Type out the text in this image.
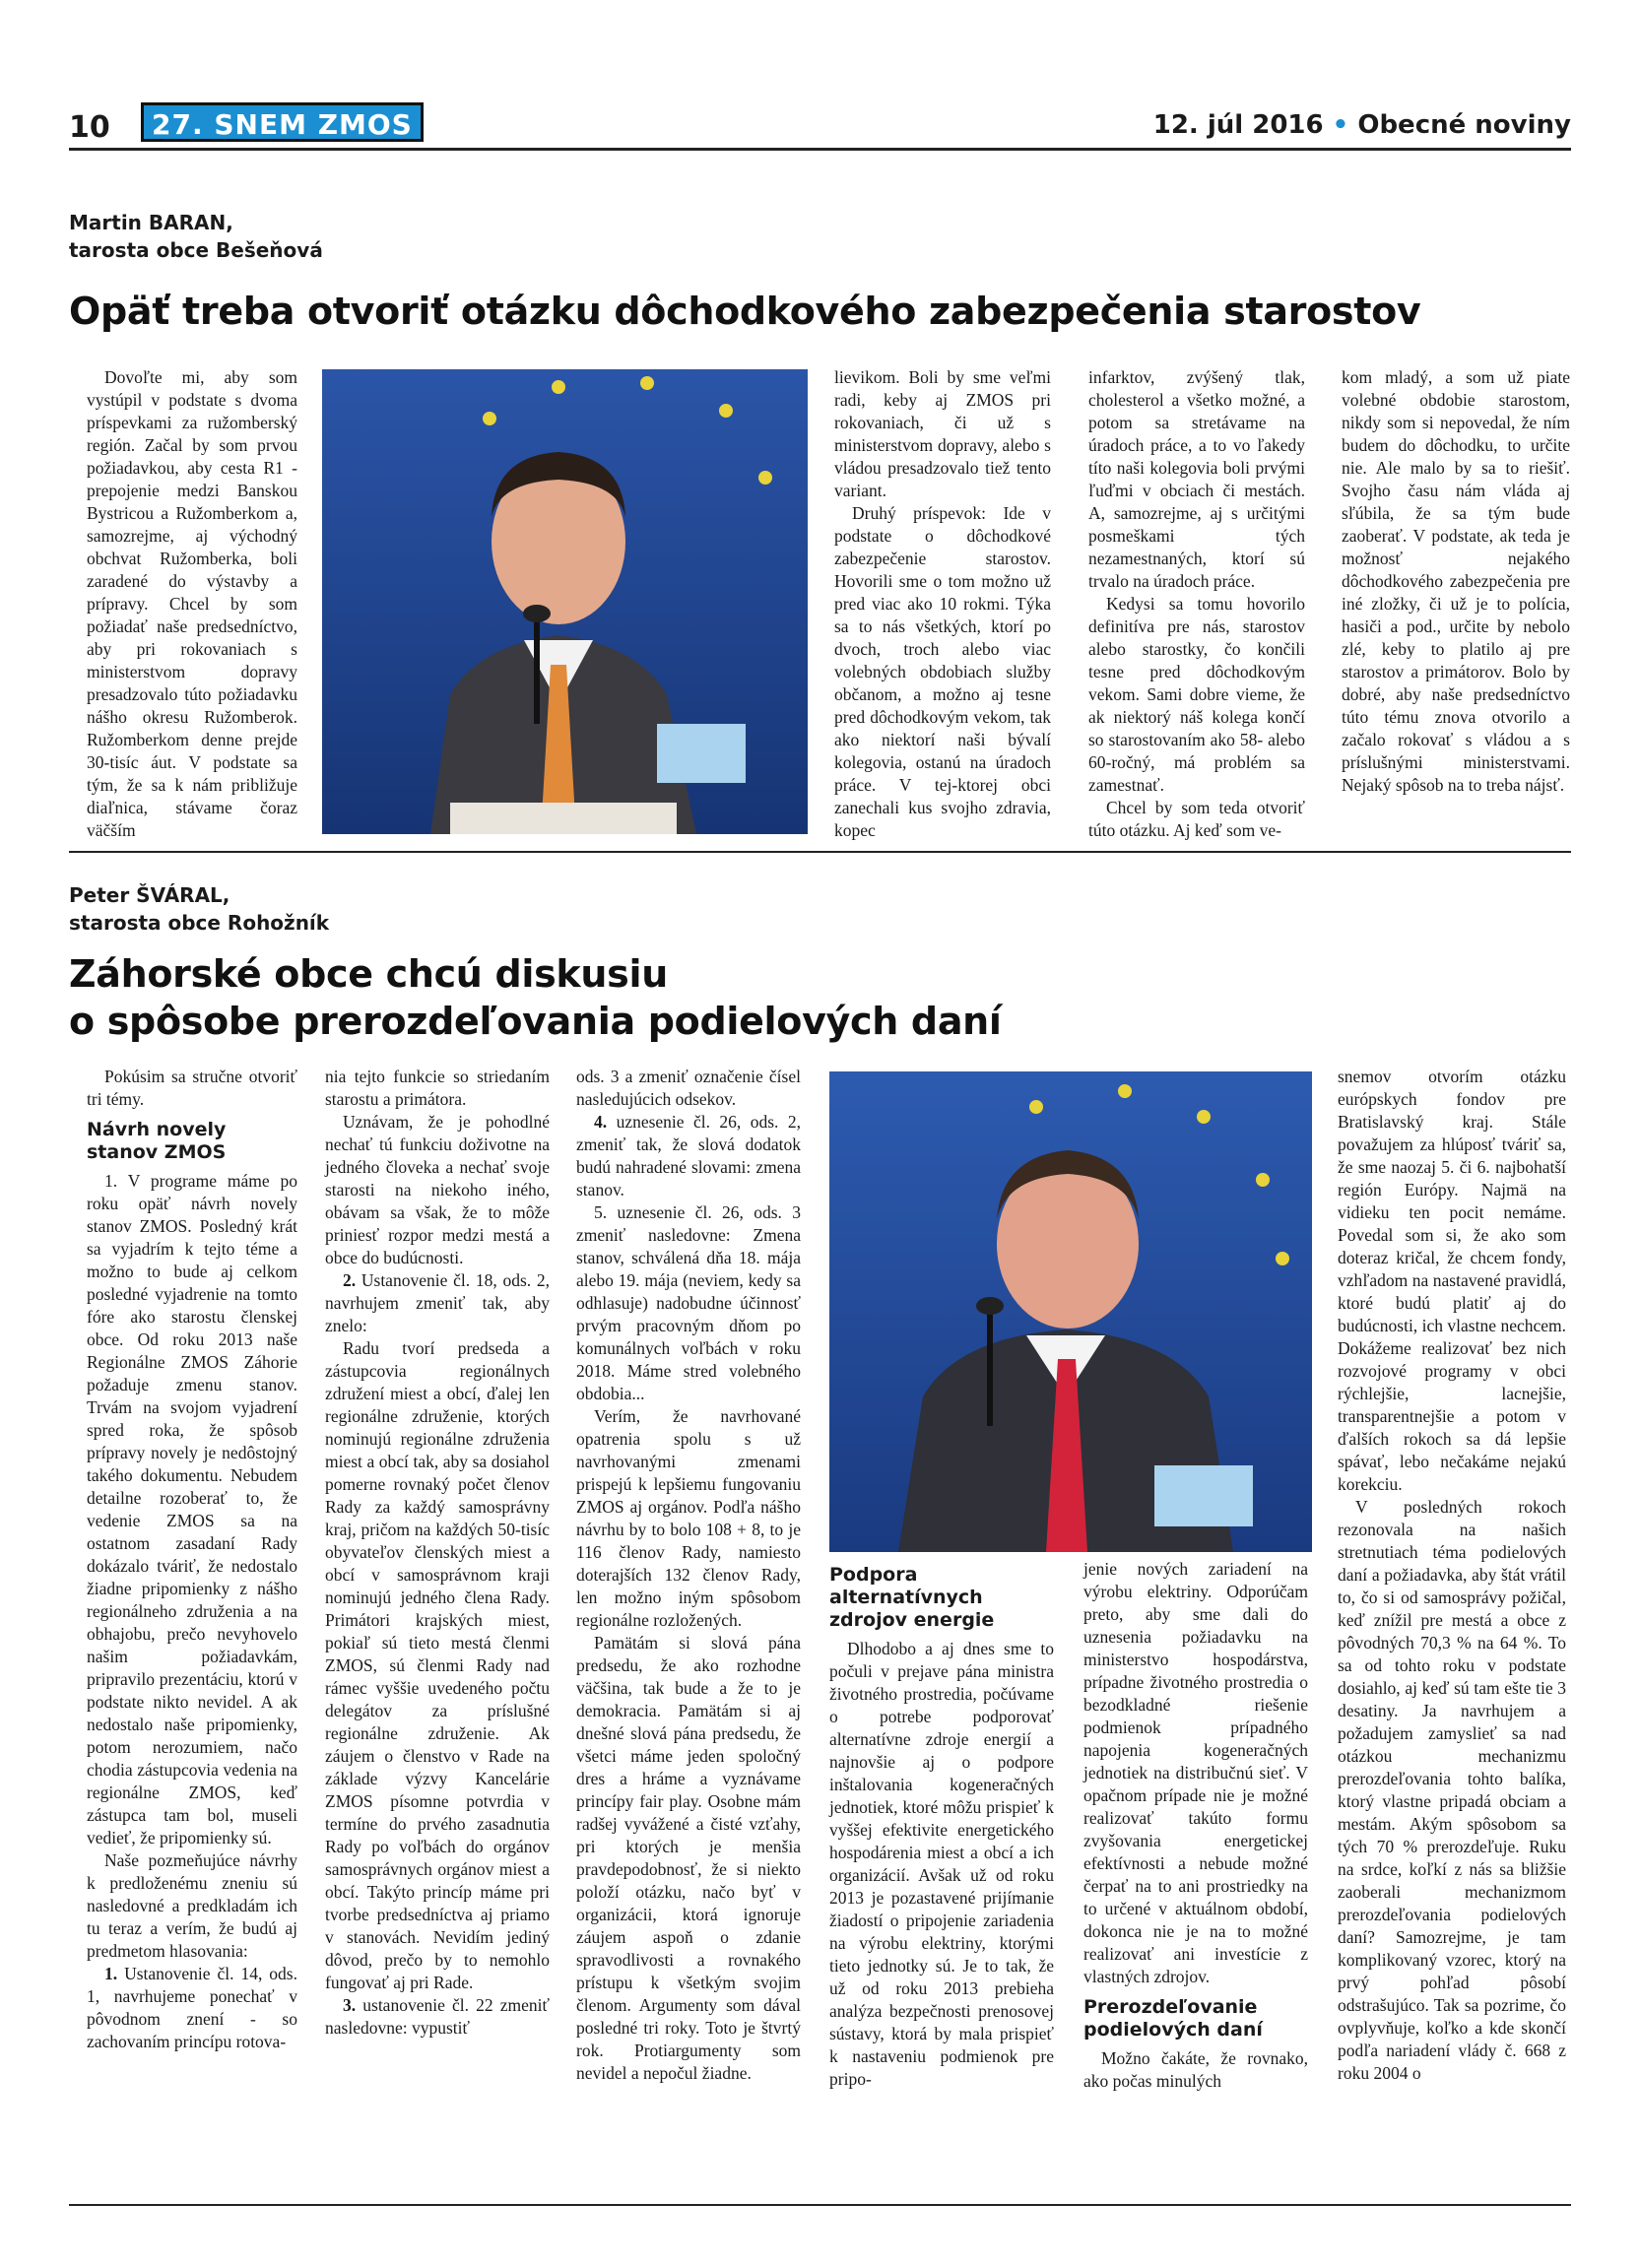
10	27. SNEM ZMOS	12. júl 2016 • Obecné noviny
Martin BARAN,
tarosta obce Bešeňová
Opäť treba otvoriť otázku dôchodkového zabezpečenia starostov

Dovoľte mi, aby som vystúpil v podstate s dvoma príspevkami za ružomberský región. Začal by som prvou požiadavkou, aby cesta R1 - prepojenie medzi Banskou Bystricou a Ružomberkom a, samozrejme, aj východný obchvat Ružomberka, boli zaradené do výstavby a prípravy. Chcel by som požiadať naše predsedníctvo, aby pri rokovaniach s ministerstvom dopravy presadzovalo túto požiadavku nášho okresu Ružomberok. Ružomberkom denne prejde 30-tisíc áut. V podstate sa tým, že sa k nám približuje diaľnica, stávame čoraz väčším

lievikom. Boli by sme veľmi radi, keby aj ZMOS pri rokovaniach, či už s ministerstvom dopravy, alebo s vládou presadzovalo tiež tento variant.

Druhý príspevok: Ide v podstate o dôchodkové zabezpečenie starostov. Hovorili sme o tom možno už pred viac ako 10 rokmi. Týka sa to nás všetkých, ktorí po dvoch, troch alebo viac volebných obdobiach služby občanom, a možno aj tesne pred dôchodkovým vekom, tak ako niektorí naši bývalí kolegovia, ostanú na úradoch práce. V tej-ktorej obci zanechali kus svojho zdravia, kopec

infarktov, zvýšený tlak, cholesterol a všetko možné, a potom sa stretávame na úradoch práce, a to vo ľakedy títo naši kolegovia boli prvými ľuďmi v obciach či mestách. A, samozrejme, aj s určitými posmeškami tých nezamestnaných, ktorí sú trvalo na úradoch práce.

Kedysi sa tomu hovorilo definitíva pre nás, starostov alebo starostky, čo končili tesne pred dôchodkovým vekom. Sami dobre vieme, že ak niektorý náš kolega končí so starostovaním ako 58- alebo 60-ročný, má problém sa zamestnať.

Chcel by som teda otvoriť túto otázku. Aj keď som ve-

kom mladý, a som už piate volebné obdobie starostom, nikdy som si nepovedal, že ním budem do dôchodku, to určite nie. Ale malo by sa to riešiť. Svojho času nám vláda aj sľúbila, že sa tým bude zaoberať. V podstate, ak teda je možnosť nejakého dôchodkového zabezpečenia pre iné zložky, či už je to polícia, hasiči a pod., určite by nebolo zlé, keby to platilo aj pre starostov a primátorov. Bolo by dobré, aby naše predsedníctvo túto tému znova otvorilo a začalo rokovať s vládou a s príslušnými ministerstvami. Nejaký spôsob na to treba nájsť.

Peter ŠVÁRAL,
starosta obce Rohožník
Záhorské obce chcú diskusiu
o spôsobe prerozdeľovania podielových daní

Pokúsim sa stručne otvoriť tri témy.

Návrh novely stanov ZMOS

1. V programe máme po roku opäť návrh novely stanov ZMOS. Posledný krát sa vyjadrím k tejto téme a možno to bude aj celkom posledné vyjadrenie na tomto fóre ako starostu členskej obce. Od roku 2013 naše Regionálne ZMOS Záhorie požaduje zmenu stanov. Trvám na svojom vyjadrení spred roka, že spôsob prípravy novely je nedôstojný takého dokumentu. Nebudem detailne rozoberať to, že vedenie ZMOS sa na ostatnom zasadaní Rady dokázalo tváriť, že nedostalo žiadne pripomienky z nášho regionálneho združenia a na obhajobu, prečo nevyhovelo našim požiadavkám, pripravilo prezentáciu, ktorú v podstate nikto nevidel. A ak nedostalo naše pripomienky, potom nerozumiem, načo chodia zástupcovia vedenia na regionálne ZMOS, keď zástupca tam bol, museli vedieť, že pripomienky sú.

Naše pozmeňujúce návrhy k predloženému zneniu sú nasledovné a predkladám ich tu teraz a verím, že budú aj predmetom hlasovania:

1. Ustanovenie čl. 14, ods. 1, navrhujeme ponechať v pôvodnom znení - so zachovaním princípu rotova-

nia tejto funkcie so striedaním starostu a primátora.

Uznávam, že je pohodlné nechať tú funkciu doživotne na jedného človeka a nechať svoje starosti na niekoho iného, obávam sa však, že to môže priniesť rozpor medzi mestá a obce do budúcnosti.

2. Ustanovenie čl. 18, ods. 2, navrhujem zmeniť tak, aby znelo:

Radu tvorí predseda a zástupcovia regionálnych združení miest a obcí, ďalej len regionálne združenie, ktorých nominujú regionálne združenia miest a obcí tak, aby sa dosiahol pomerne rovnaký počet členov Rady za každý samosprávny kraj, pričom na každých 50-tisíc obyvateľov členských miest a obcí v samosprávnom kraji nominujú jedného člena Rady. Primátori krajských miest, pokiaľ sú tieto mestá členmi ZMOS, sú členmi Rady nad rámec vyššie uvedeného počtu delegátov za príslušné regionálne združenie. Ak záujem o členstvo v Rade na základe výzvy Kancelárie ZMOS písomne potvrdia v termíne do prvého zasadnutia Rady po voľbách do orgánov samosprávnych orgánov miest a obcí. Takýto princíp máme pri tvorbe predsedníctva aj priamo v stanovách. Nevidím jediný dôvod, prečo by to nemohlo fungovať aj pri Rade.

3. ustanovenie čl. 22 zmeniť nasledovne: vypustiť

ods. 3 a zmeniť označenie čísel nasledujúcich odsekov.

4. uznesenie čl. 26, ods. 2, zmeniť tak, že slová dodatok budú nahradené slovami: zmena stanov.

5. uznesenie čl. 26, ods. 3 zmeniť nasledovne: Zmena stanov, schválená dňa 18. mája alebo 19. mája (neviem, kedy sa odhlasuje) nadobudne účinnosť prvým pracovným dňom po komunálnych voľbách v roku 2018. Máme stred volebného obdobia...

Verím, že navrhované opatrenia spolu s už navrhovanými zmenami prispejú k lepšiemu fungovaniu ZMOS aj orgánov. Podľa nášho návrhu by to bolo 108 + 8, to je 116 členov Rady, namiesto doterajších 132 členov Rady, len možno iným spôsobom regionálne rozložených.

Pamätám si slová pána predsedu, že ako rozhodne väčšina, tak bude a že to je demokracia. Pamätám si aj dnešné slová pána predsedu, že všetci máme jeden spoločný dres a hráme a vyznávame princípy fair play. Osobne mám radšej vyvážené a čisté vzťahy, pri ktorých je menšia pravdepodobnosť, že si niekto položí otázku, načo byť v organizácii, ktorá ignoruje záujem aspoň o zdanie spravodlivosti a rovnakého prístupu k všetkým svojim členom. Argumenty som dával posledné tri roky. Toto je štvrtý rok. Protiargumenty som nevidel a nepočul žiadne.

Podpora alternatívnych zdrojov energie

Dlhodobo a aj dnes sme to počuli v prejave pána ministra životného prostredia, počúvame o potrebe podporovať alternatívne zdroje energií a najnovšie aj o podpore inštalovania kogeneračných jednotiek, ktoré môžu prispieť k vyššej efektivite energetického hospodárenia miest a obcí a ich organizácií. Avšak už od roku 2013 je pozastavené prijímanie žiadostí o pripojenie zariadenia na výrobu elektriny, ktorými tieto jednotky sú. Je to tak, že už od roku 2013 prebieha analýza bezpečnosti prenosovej sústavy, ktorá by mala prispieť k nastaveniu podmienok pre pripo-

jenie nových zariadení na výrobu elektriny. Odporúčam preto, aby sme dali do uznesenia požiadavku na ministerstvo hospodárstva, prípadne životného prostredia o bezodkladné riešenie podmienok prípadného napojenia kogeneračných jednotiek na distribučnú sieť. V opačnom prípade nie je možné realizovať takúto formu zvyšovania energetickej efektívnosti a nebude možné čerpať na to ani prostriedky na to určené v aktuálnom období, dokonca nie je na to možné realizovať ani investície z vlastných zdrojov.

Prerozdeľovanie podielových daní

Možno čakáte, že rovnako, ako počas minulých

snemov otvorím otázku európskych fondov pre Bratislavský kraj. Stále považujem za hlúposť tváriť sa, že sme naozaj 5. či 6. najbohatší región Európy. Najmä na vidieku ten pocit nemáme. Povedal som si, že ako som doteraz kričal, že chcem fondy, vzhľadom na nastavené pravidlá, ktoré budú platiť aj do budúcnosti, ich vlastne nechcem. Dokážeme realizovať bez nich rozvojové programy v obci rýchlejšie, lacnejšie, transparentnejšie a potom v ďalších rokoch sa dá lepšie spávať, lebo nečakáme nejakú korekciu.

V posledných rokoch rezonovala na našich stretnutiach téma podielových daní a požiadavka, aby štát vrátil to, čo si od samosprávy požičal, keď znížil pre mestá a obce z pôvodných 70,3 % na 64 %. To sa od tohto roku v podstate dosiahlo, aj keď sú tam ešte tie 3 desatiny. Ja navrhujem a požadujem zamyslieť sa nad otázkou mechanizmu prerozdeľovania tohto balíka, ktorý vlastne pripadá obciam a mestám. Akým spôsobom sa tých 70 % prerozdeľuje. Ruku na srdce, koľkí z nás sa bližšie zaoberali mechanizmom prerozdeľovania podielových daní? Samozrejme, je tam komplikovaný vzorec, ktorý na prvý pohľad pôsobí odstrašujúco. Tak sa pozrime, čo ovplyvňuje, koľko a kde skončí podľa nariadení vlády č. 668 z roku 2004 o
